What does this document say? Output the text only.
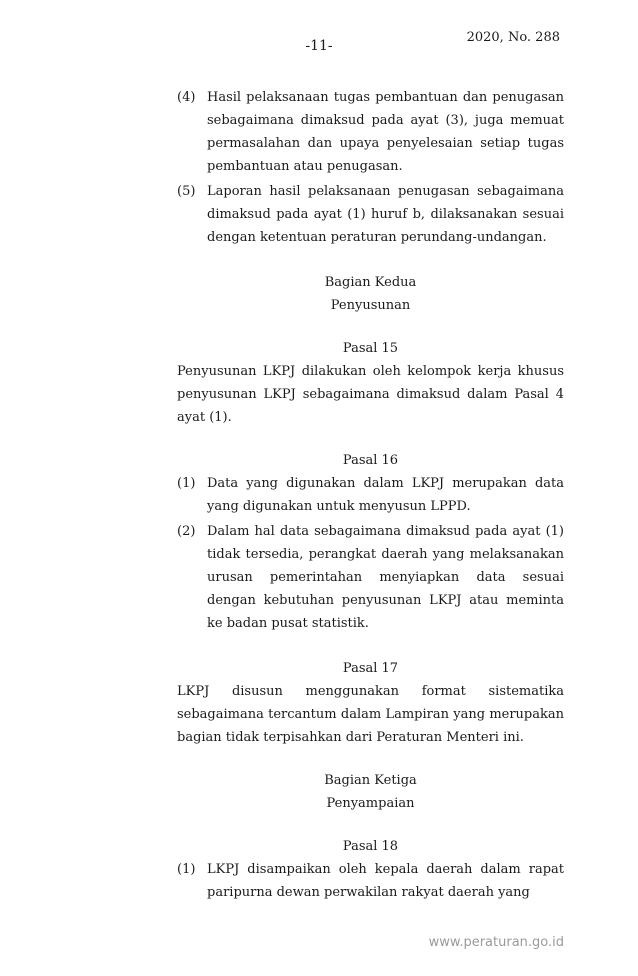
-11-
2020, No. 288
(4) Hasil pelaksanaan tugas pembantuan dan penugasan sebagaimana dimaksud pada ayat (3), juga memuat permasalahan dan upaya penyelesaian setiap tugas pembantuan atau penugasan.
(5) Laporan hasil pelaksanaan penugasan sebagaimana dimaksud pada ayat (1) huruf b, dilaksanakan sesuai dengan ketentuan peraturan perundang-undangan.
Bagian Kedua
Penyusunan
Pasal 15
Penyusunan LKPJ dilakukan oleh kelompok kerja khusus penyusunan LKPJ sebagaimana dimaksud dalam Pasal 4 ayat (1).
Pasal 16
(1) Data yang digunakan dalam LKPJ merupakan data yang digunakan untuk menyusun LPPD.
(2) Dalam hal data sebagaimana dimaksud pada ayat (1) tidak tersedia, perangkat daerah yang melaksanakan urusan pemerintahan menyiapkan data sesuai dengan kebutuhan penyusunan LKPJ atau meminta ke badan pusat statistik.
Pasal 17
LKPJ disusun menggunakan format sistematika sebagaimana tercantum dalam Lampiran yang merupakan bagian tidak terpisahkan dari Peraturan Menteri ini.
Bagian Ketiga
Penyampaian
Pasal 18
(1) LKPJ disampaikan oleh kepala daerah dalam rapat paripurna dewan perwakilan rakyat daerah yang
www.peraturan.go.id
